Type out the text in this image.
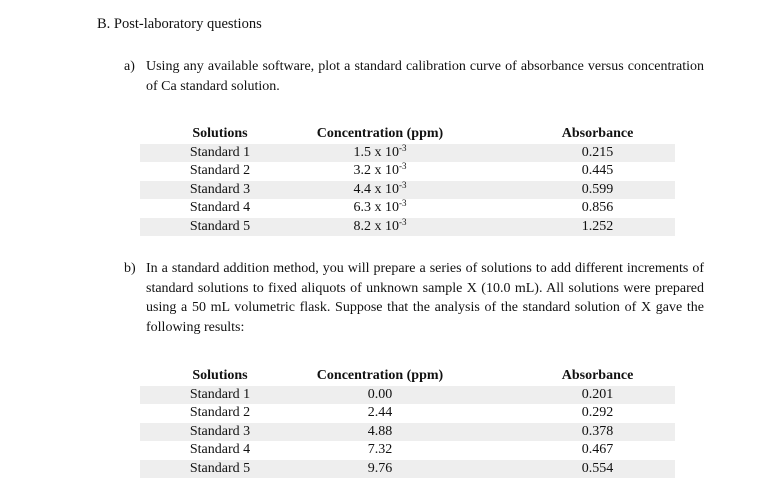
B. Post-laboratory questions
a) Using any available software, plot a standard calibration curve of absorbance versus concentration of Ca standard solution.
Solutions	Concentration (ppm)	Absorbance
Standard 1	1.5 x $10^{-3}$	0.215
Standard 2	3.2 x $10^{-3}$	0.445
Standard 3	4.4 x $10^{-3}$	0.599
Standard 4	6.3 x $10^{-3}$	0.856
Standard 5	8.2 x $10^{-3}$	1.252
b) In a standard addition method, you will prepare a series of solutions to add different increments of standard solutions to fixed aliquots of unknown sample X (10.0 mL). All solutions were prepared using a 50 mL volumetric flask. Suppose that the analysis of the standard solution of X gave the following results:
Solutions	Concentration (ppm)	Absorbance
Standard 1	0.00	0.201
Standard 2	2.44	0.292
Standard 3	4.88	0.378
Standard 4	7.32	0.467
Standard 5	9.76	0.554
